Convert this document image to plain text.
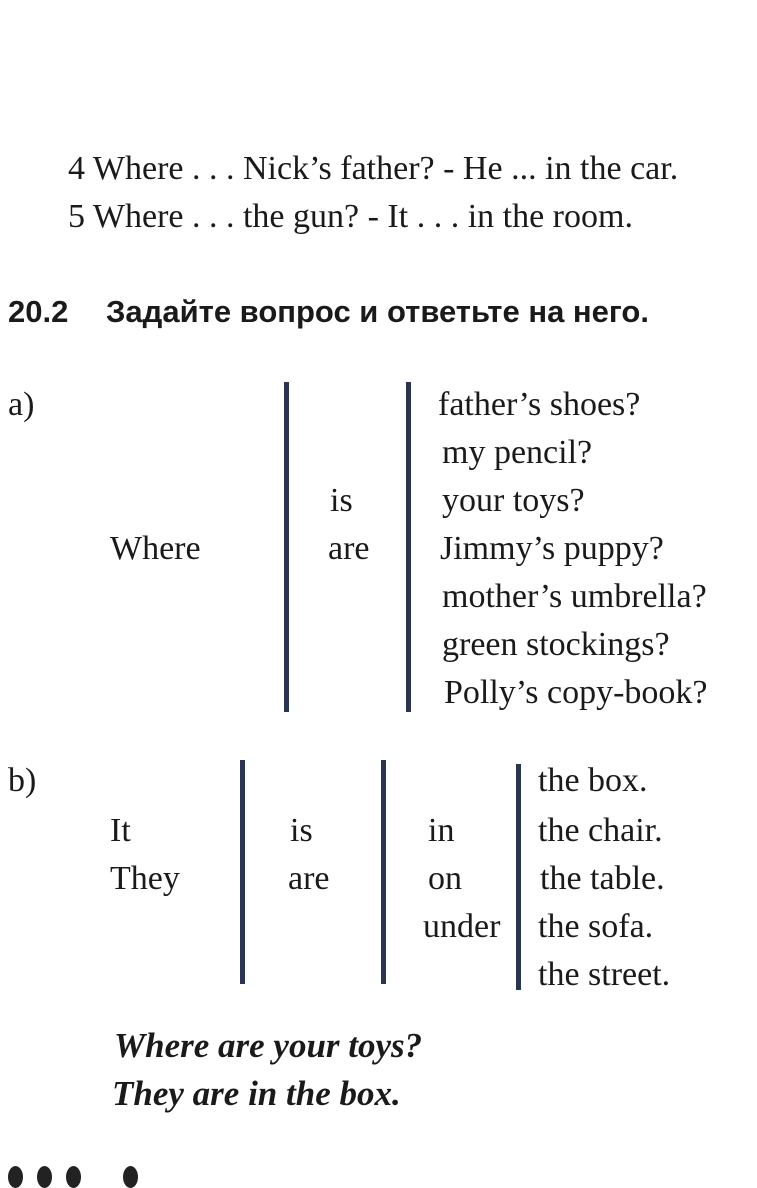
4 Where . . . Nick’s father? - He ... in the car.
5 Where . . . the gun? - It . . . in the room.
20.2 Задайте вопрос и ответьте на него.
a)
Where
is
are
father’s shoes?
my pencil?
your toys?
Jimmy’s puppy?
mother’s umbrella?
green stockings?
Polly’s copy-book?
b)
It
They
is
are
in
on
under
the box.
the chair.
the table.
the sofa.
the street.
Where are your toys?
They are in the box.
